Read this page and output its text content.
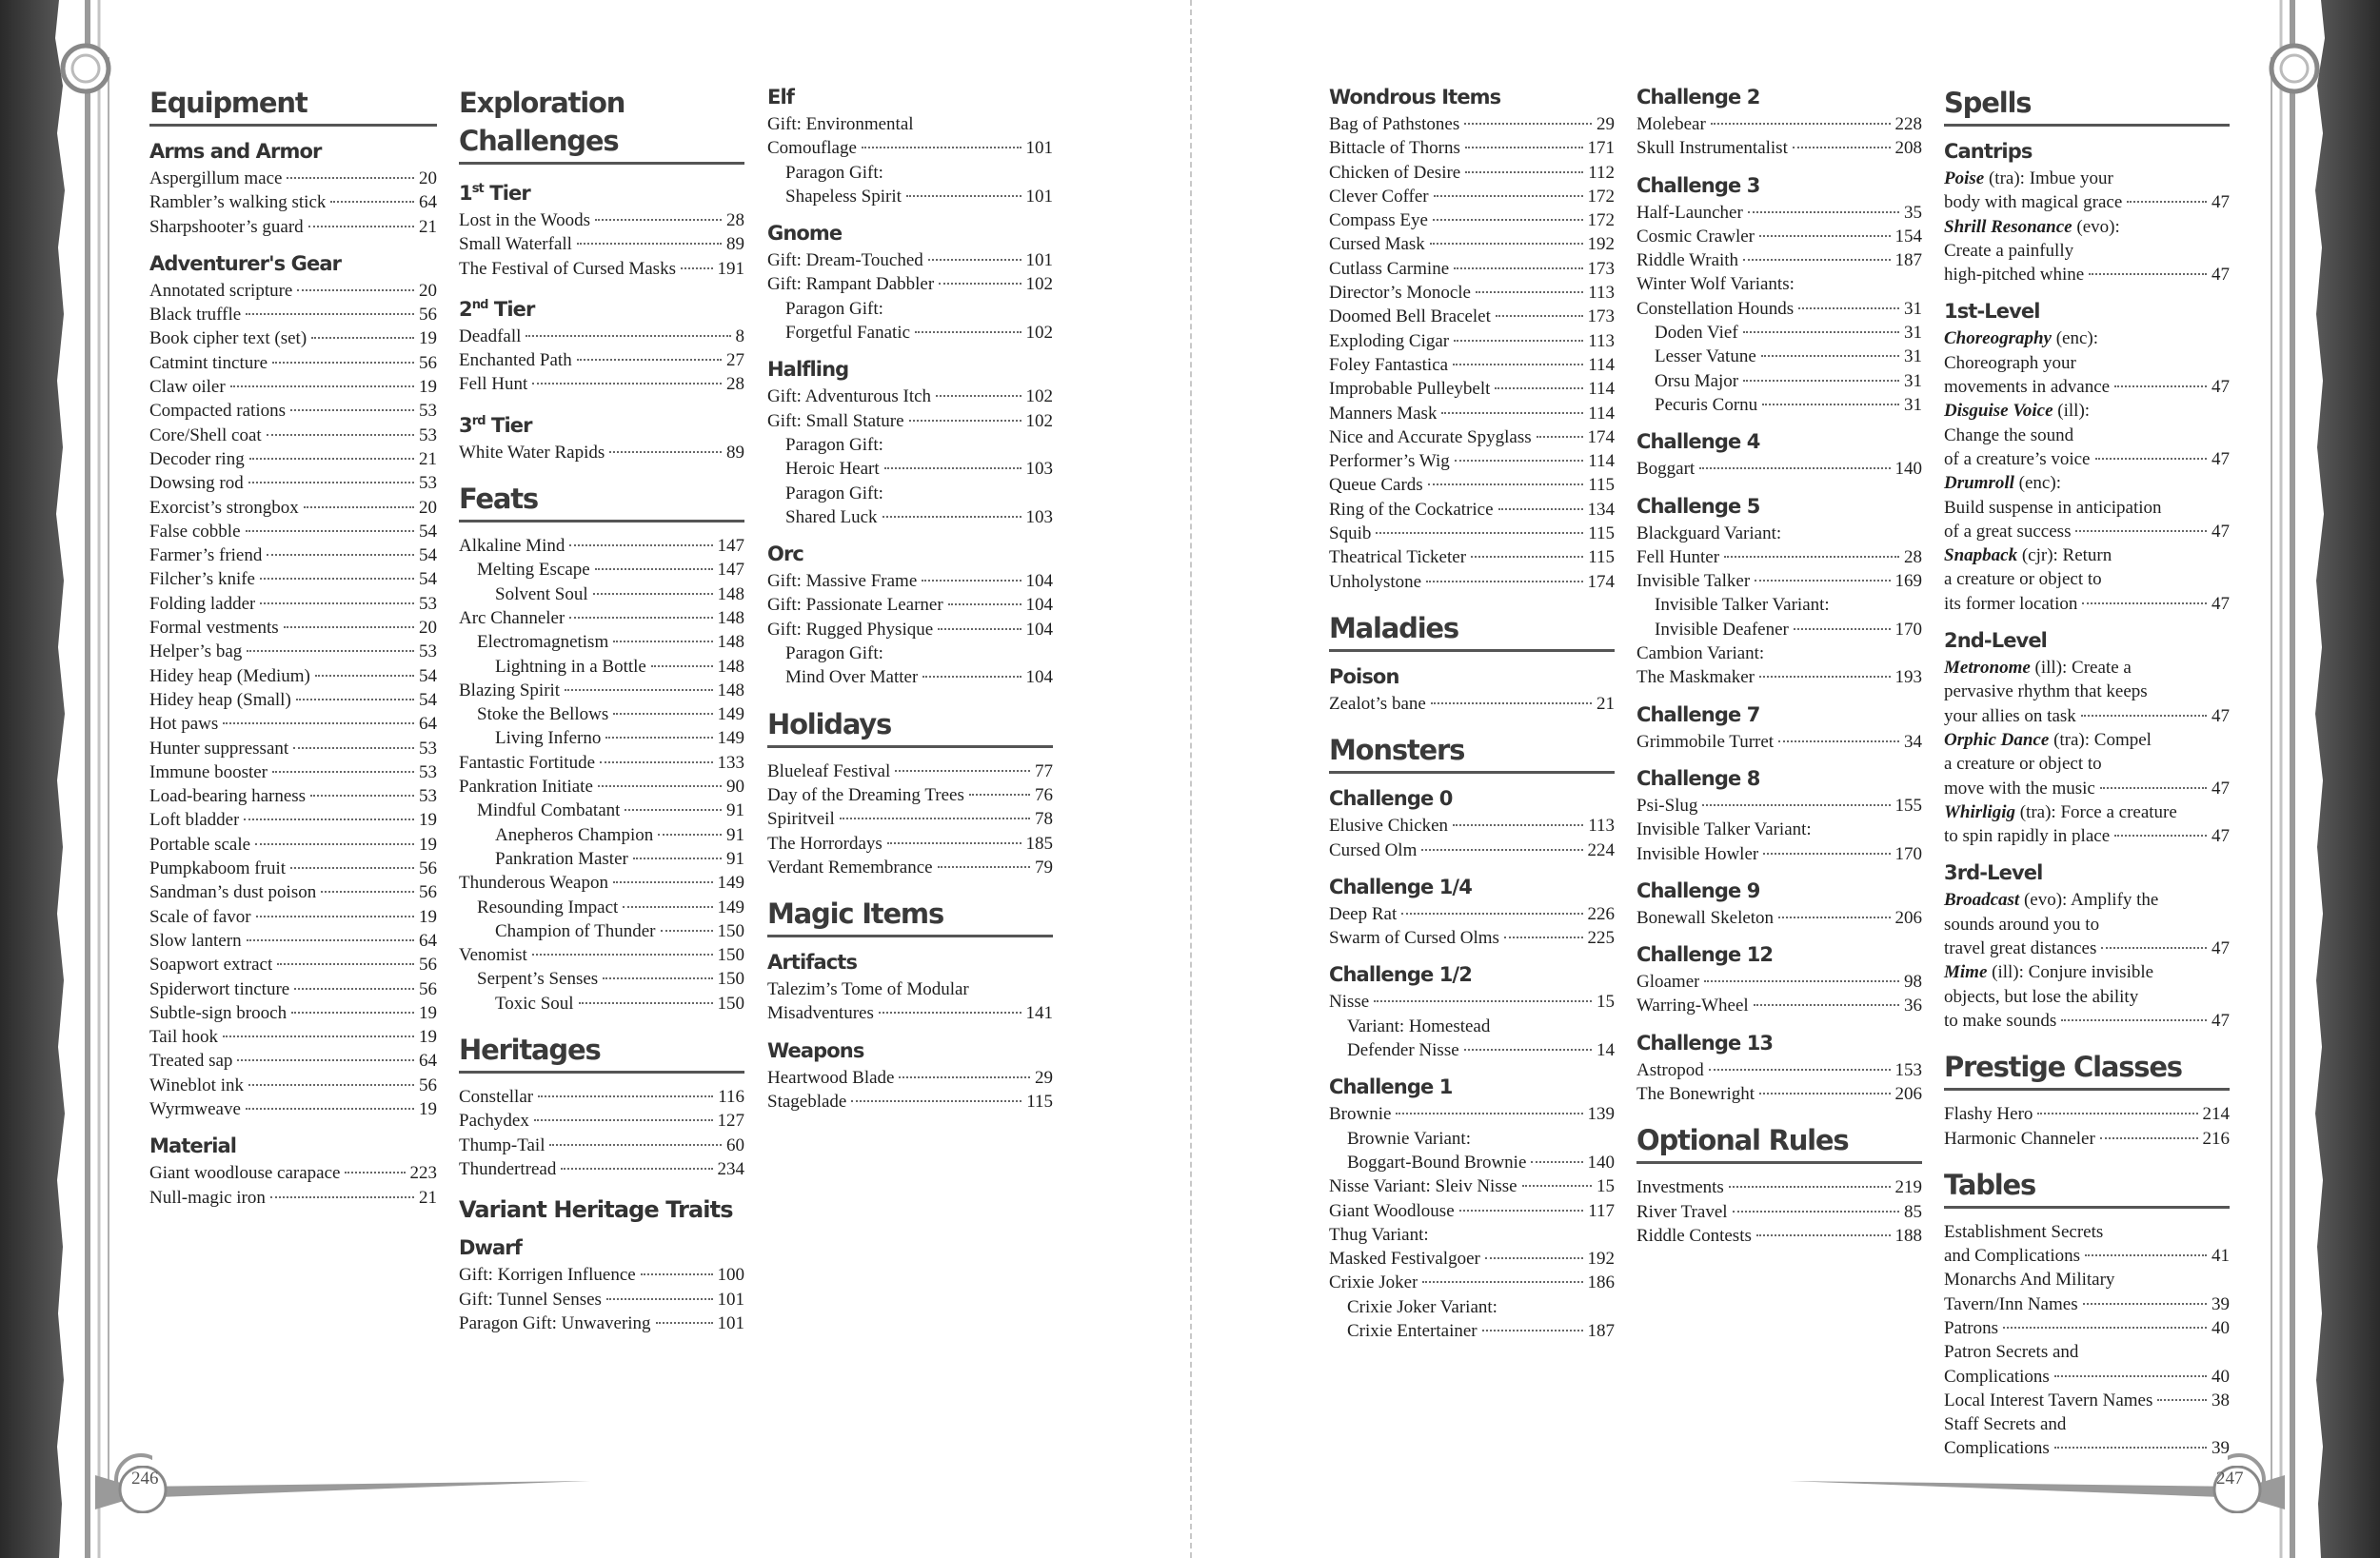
246	247
Equipment
Arms and Armor
Aspergillum mace	20
Rambler’s walking stick	64
Sharpshooter’s guard	21
Adventurer's Gear
Annotated scripture	20
Black truffle	56
Book cipher text (set)	19
Catmint tincture	56
Claw oiler	19
Compacted rations	53
Core/Shell coat	53
Decoder ring	21
Dowsing rod	53
Exorcist’s strongbox	20
False cobble	54
Farmer’s friend	54
Filcher’s knife	54
Folding ladder	53
Formal vestments	20
Helper’s bag	53
Hidey heap (Medium)	54
Hidey heap (Small)	54
Hot paws	64
Hunter suppressant	53
Immune booster	53
Load-bearing harness	53
Loft bladder	19
Portable scale	19
Pumpkaboom fruit	56
Sandman’s dust poison	56
Scale of favor	19
Slow lantern	64
Soapwort extract	56
Spiderwort tincture	56
Subtle-sign brooch	19
Tail hook	19
Treated sap	64
Wineblot ink	56
Wyrmweave	19
Material
Giant woodlouse carapace	223
Null-magic iron	21
Exploration Challenges
1st Tier
Lost in the Woods	28
Small Waterfall	89
The Festival of Cursed Masks 191
2nd Tier
Deadfall	8
Enchanted Path	27
Fell Hunt	28
3rd Tier
White Water Rapids	89
Feats
Alkaline Mind	147
Melting Escape	147
Solvent Soul	148
Arc Channeler	148
Electromagnetism	148
Lightning in a Bottle	148
Blazing Spirit	148
Stoke the Bellows	149
Living Inferno	149
Fantastic Fortitude	133
Pankration Initiate	90
Mindful Combatant	91
Anepheros Champion	91
Pankration Master	91
Thunderous Weapon	149
Resounding Impact	149
Champion of Thunder	150
Venomist	150
Serpent’s Senses	150
Toxic Soul	150
Heritages
Constellar	116
Pachydex	127
Thump-Tail	60
Thundertread	234
Variant Heritage Traits
Dwarf
Gift: Korrigen Influence	100
Gift: Tunnel Senses	101
Paragon Gift: Unwavering	101
Elf
Gift: Environmental
Comouflage	101
Paragon Gift:
Shapeless Spirit	101
Gnome
Gift: Dream-Touched	101
Gift: Rampant Dabbler	102
Paragon Gift:
Forgetful Fanatic	102
Halfling
Gift: Adventurous Itch	102
Gift: Small Stature	102
Paragon Gift:
Heroic Heart	103
Paragon Gift:
Shared Luck	103
Orc
Gift: Massive Frame	104
Gift: Passionate Learner	104
Gift: Rugged Physique	104
Paragon Gift:
Mind Over Matter	104
Holidays
Blueleaf Festival	77
Day of the Dreaming Trees	76
Spiritveil	78
The Horrordays	185
Verdant Remembrance	79
Magic Items
Artifacts
Talezim’s Tome of Modular
Misadventures	141
Weapons
Heartwood Blade	29
Stageblade	115
Wondrous Items
Bag of Pathstones	29
Bittacle of Thorns	171
Chicken of Desire	112
Clever Coffer	172
Compass Eye	172
Cursed Mask	192
Cutlass Carmine	173
Director’s Monocle	113
Doomed Bell Bracelet	173
Exploding Cigar	113
Foley Fantastica	114
Improbable Pulleybelt	114
Manners Mask	114
Nice and Accurate Spyglass	174
Performer’s Wig	114
Queue Cards	115
Ring of the Cockatrice	134
Squib	115
Theatrical Ticketer	115
Unholystone	174
Maladies
Poison
Zealot’s bane	21
Monsters
Challenge 0
Elusive Chicken	113
Cursed Olm	224
Challenge 1/4
Deep Rat	226
Swarm of Cursed Olms	225
Challenge 1/2
Nisse	15
Variant: Homestead
Defender Nisse	14
Challenge 1
Brownie	139
Brownie Variant:
Boggart-Bound Brownie	140
Nisse Variant: Sleiv Nisse	15
Giant Woodlouse	117
Thug Variant:
Masked Festivalgoer	192
Crixie Joker	186
Crixie Joker Variant:
Crixie Entertainer	187
Challenge 2
Molebear	228
Skull Instrumentalist	208
Challenge 3
Half-Launcher	35
Cosmic Crawler	154
Riddle Wraith	187
Winter Wolf Variants:
Constellation Hounds	31
Doden Vief	31
Lesser Vatune	31
Orsu Major	31
Pecuris Cornu	31
Challenge 4
Boggart	140
Challenge 5
Blackguard Variant:
Fell Hunter	28
Invisible Talker	169
Invisible Talker Variant:
Invisible Deafener	170
Cambion Variant:
The Maskmaker	193
Challenge 7
Grimmobile Turret	34
Challenge 8
Psi-Slug	155
Invisible Talker Variant:
Invisible Howler	170
Challenge 9
Bonewall Skeleton	206
Challenge 12
Gloamer	98
Warring-Wheel	36
Challenge 13
Astropod	153
The Bonewright	206
Optional Rules
Investments	219
River Travel	85
Riddle Contests	188
Spells
Cantrips
Poise (tra): Imbue your
body with magical grace	47
Shrill Resonance (evo):
Create a painfully
high-pitched whine	47
1st-Level
Choreography (enc):
Choreograph your
movements in advance	47
Disguise Voice (ill):
Change the sound
of a creature’s voice	47
Drumroll (enc):
Build suspense in anticipation
of a great success	47
Snapback (cjr): Return
a creature or object to
its former location	47
2nd-Level
Metronome (ill): Create a
pervasive rhythm that keeps
your allies on task	47
Orphic Dance (tra): Compel
a creature or object to
move with the music	47
Whirligig (tra): Force a creature
to spin rapidly in place	47
3rd-Level
Broadcast (evo): Amplify the
sounds around you to
travel great distances	47
Mime (ill): Conjure invisible
objects, but lose the ability
to make sounds	47
Prestige Classes
Flashy Hero	214
Harmonic Channeler	216
Tables
Establishment Secrets
and Complications	41
Monarchs And Military
Tavern/Inn Names	39
Patrons	40
Patron Secrets and
Complications	40
Local Interest Tavern Names	38
Staff Secrets and
Complications	39
